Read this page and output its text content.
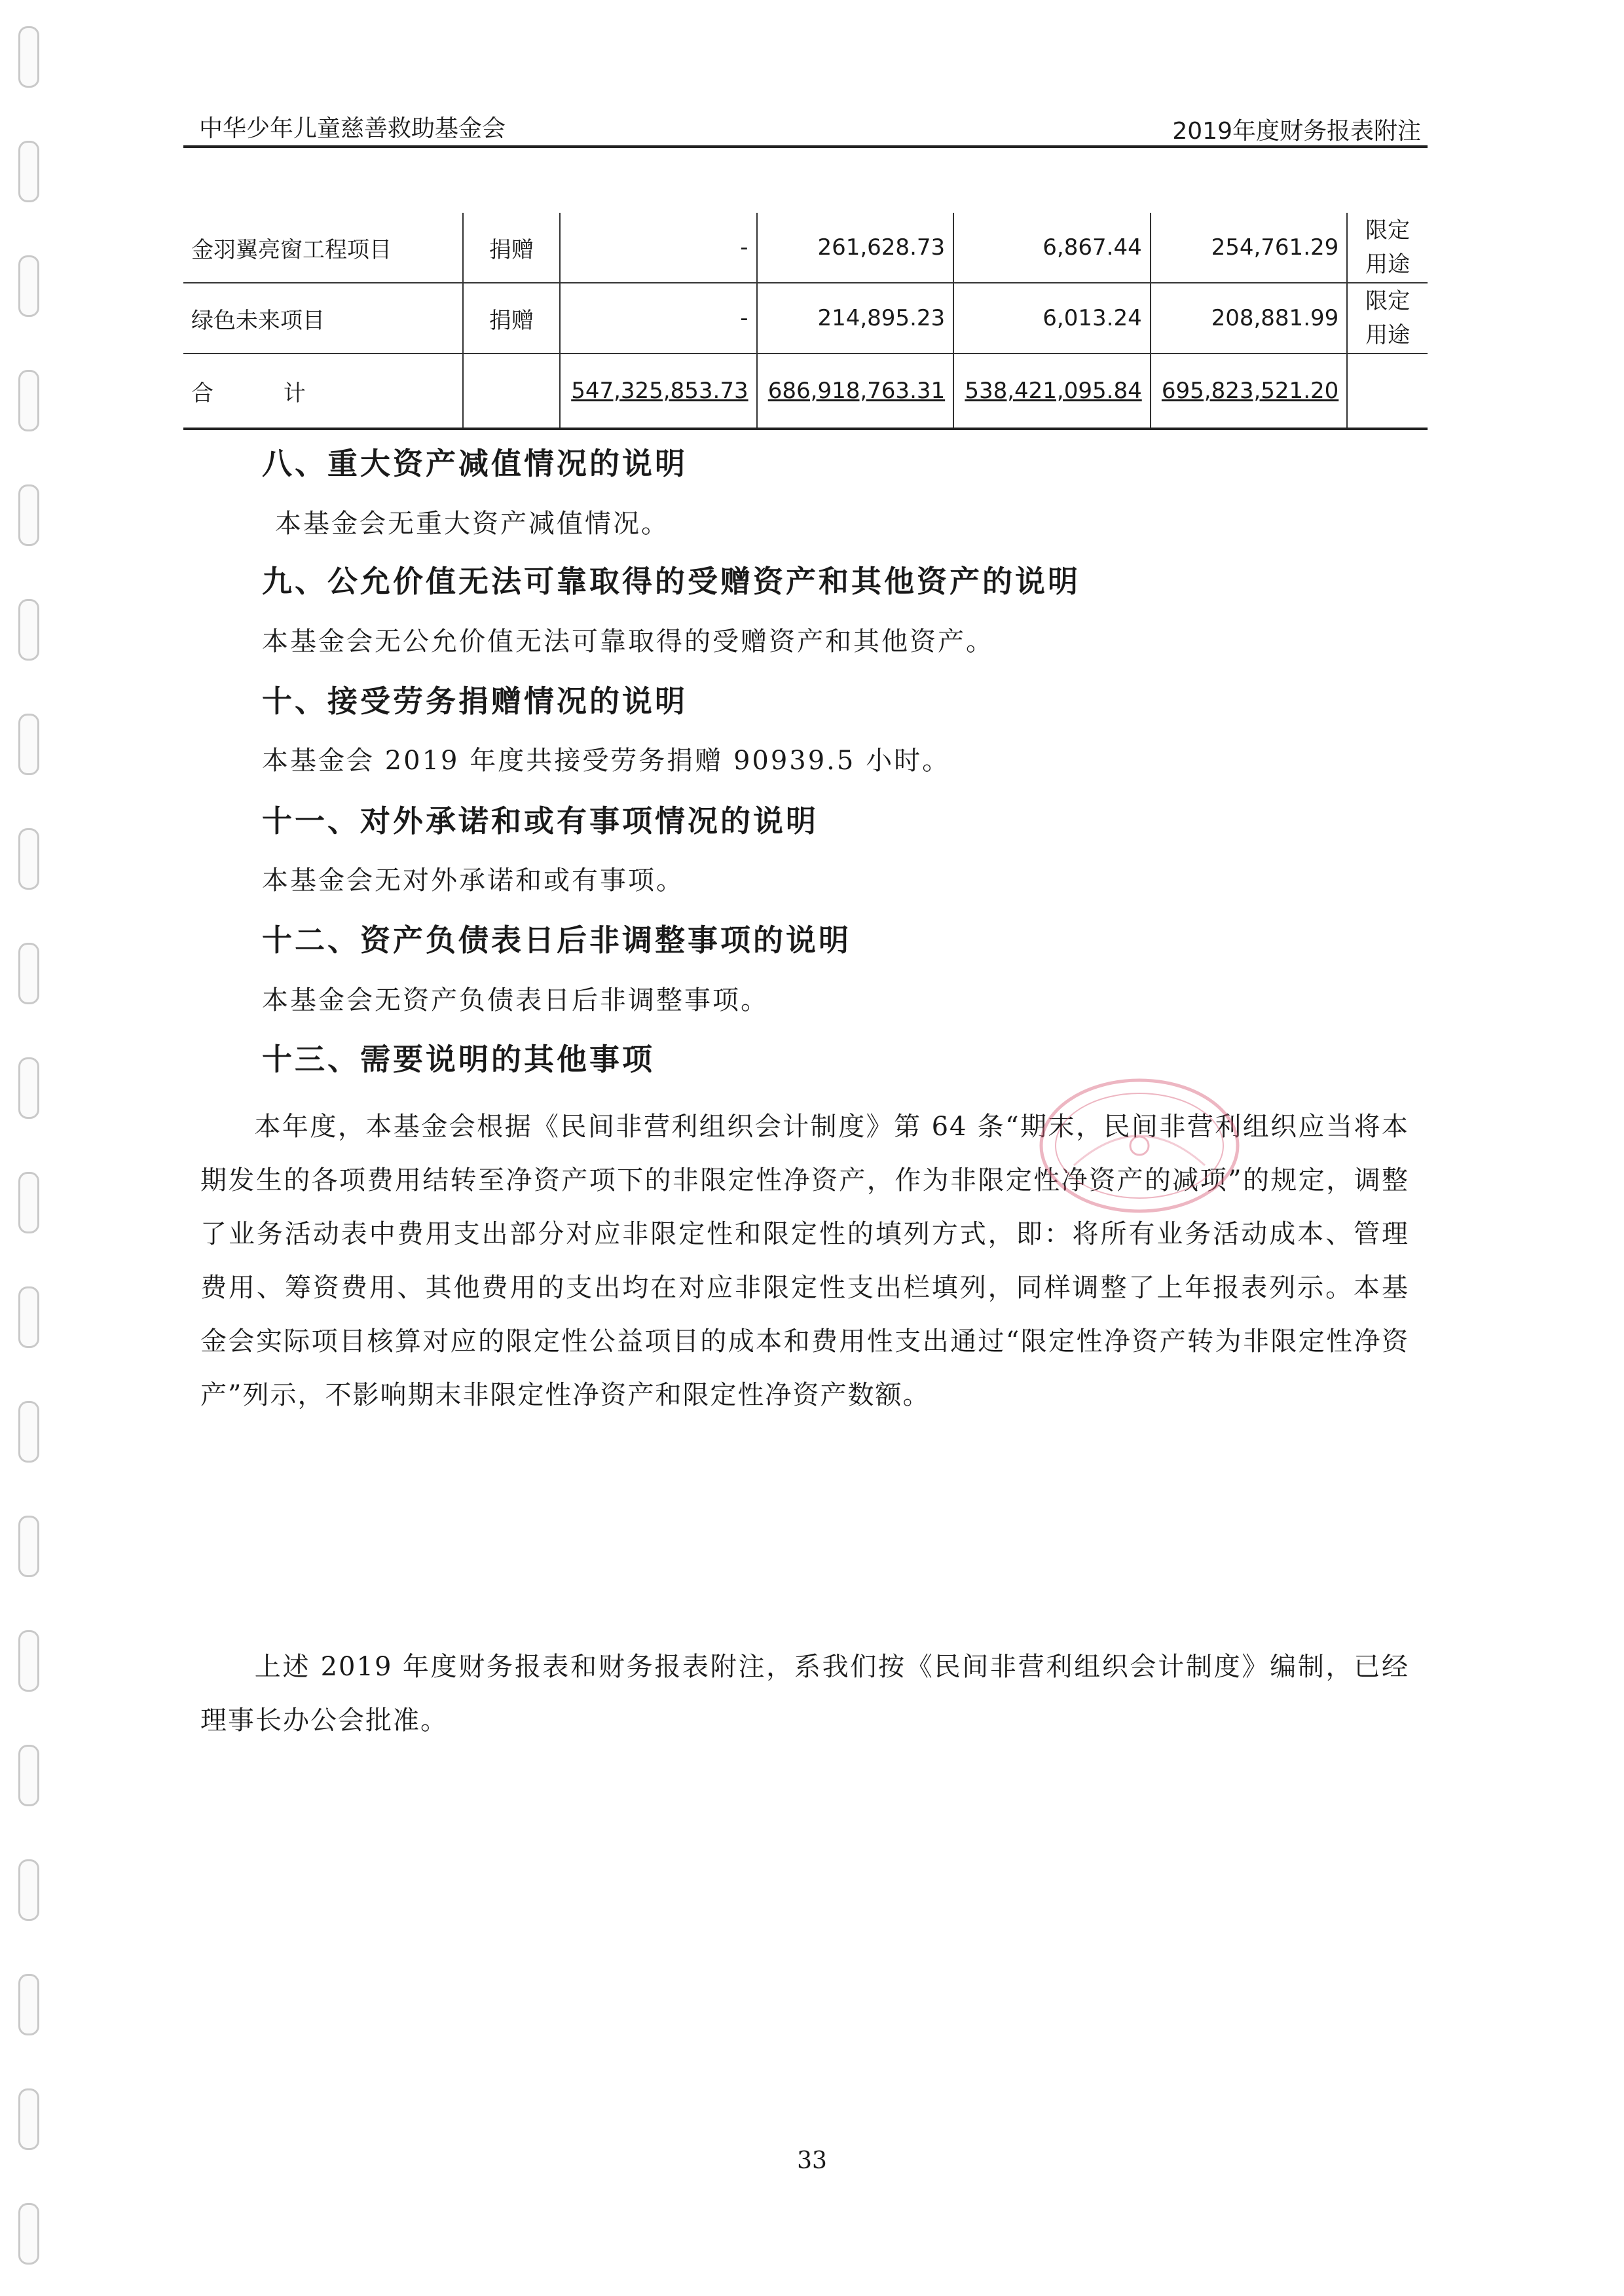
中华少年儿童慈善救助基金会	2019年度财务报表附注
金羽翼亮窗工程项目	捐赠	-	261,628.73	6,867.44	254,761.29	限定用途
绿色未来项目	捐赠	-	214,895.23	6,013.24	208,881.99	限定用途
合 计		547,325,853.73	686,918,763.31	538,421,095.84	695,823,521.20	
八、重大资产减值情况的说明

本基金会无重大资产减值情况。

九、公允价值无法可靠取得的受赠资产和其他资产的说明

本基金会无公允价值无法可靠取得的受赠资产和其他资产。

十、接受劳务捐赠情况的说明

本基金会 2019 年度共接受劳务捐赠 90939.5 小时。

十一、对外承诺和或有事项情况的说明

本基金会无对外承诺和或有事项。

十二、资产负债表日后非调整事项的说明

本基金会无资产负债表日后非调整事项。

十三、需要说明的其他事项

本年度，本基金会根据《民间非营利组织会计制度》第 64 条“期末，民间非营利组织应当将本期发生的各项费用结转至净资产项下的非限定性净资产，作为非限定性净资产的减项”的规定，调整了业务活动表中费用支出部分对应非限定性和限定性的填列方式，即：将所有业务活动成本、管理费用、筹资费用、其他费用的支出均在对应非限定性支出栏填列，同样调整了上年报表列示。本基金会实际项目核算对应的限定性公益项目的成本和费用性支出通过“限定性净资产转为非限定性净资产”列示，不影响期末非限定性净资产和限定性净资产数额。

上述 2019 年度财务报表和财务报表附注，系我们按《民间非营利组织会计制度》编制，已经理事长办公会批准。

33
